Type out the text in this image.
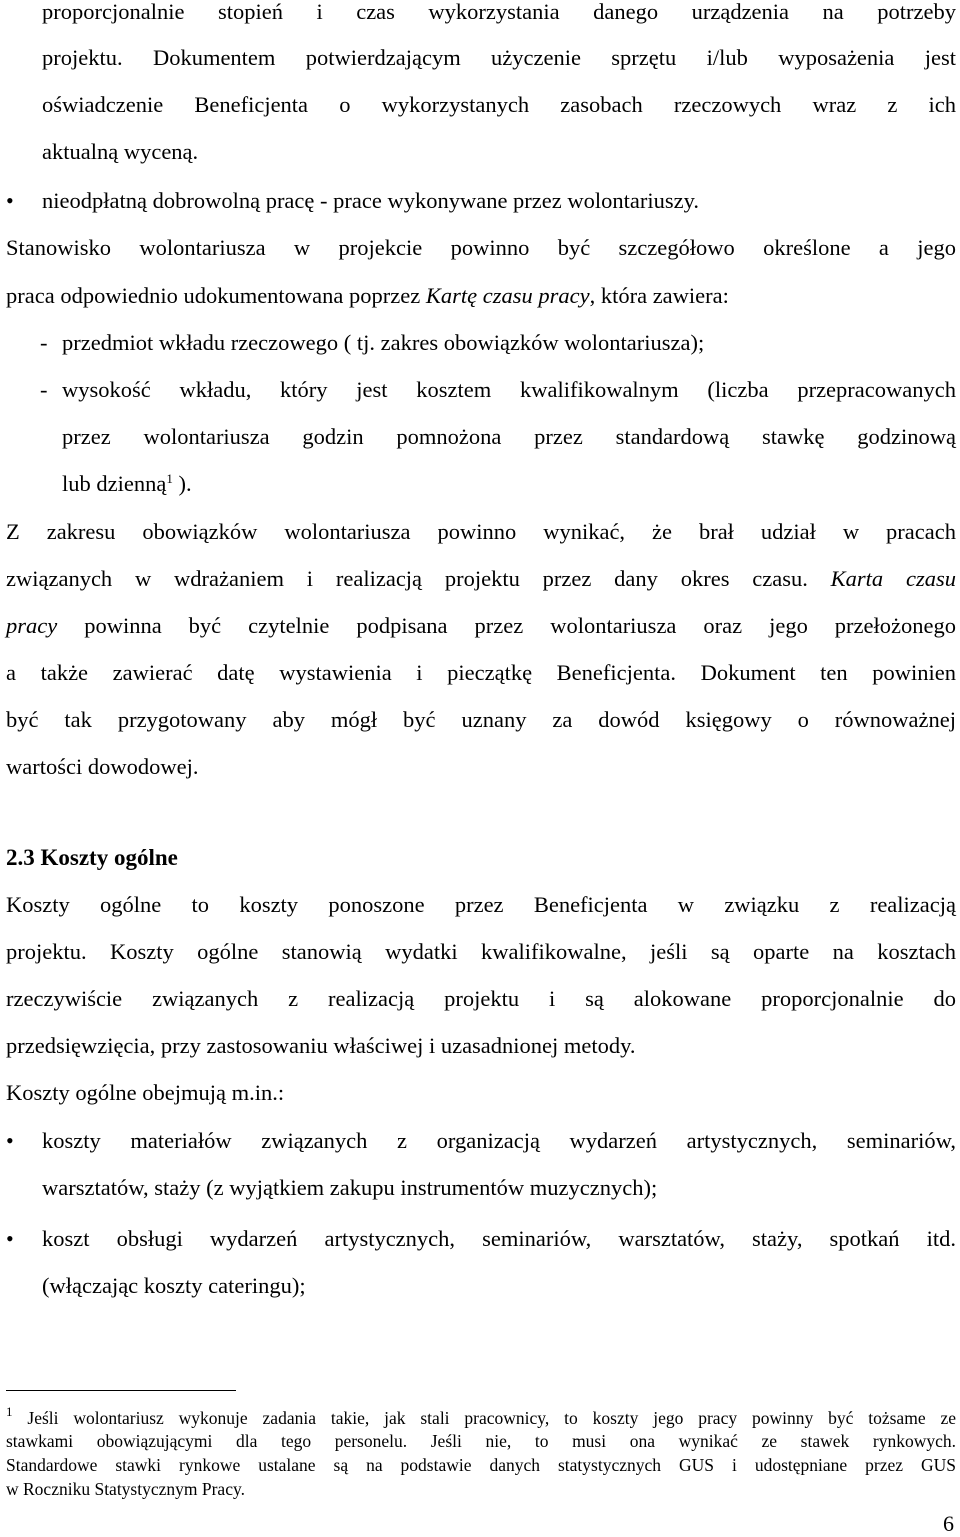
proporcjonalnie stopień i czas wykorzystania danego urządzenia na potrzeby

projektu. Dokumentem potwierdzającym użyczenie sprzętu i/lub wyposażenia jest

oświadczenie Beneficjenta o wykorzystanych zasobach rzeczowych wraz z ich

aktualną wyceną.

• nieodpłatną dobrowolną pracę - prace wykonywane przez wolontariuszy.

Stanowisko wolontariusza w projekcie powinno być szczegółowo określone a jego

praca odpowiednio udokumentowana poprzez Kartę czasu pracy, która zawiera:

- przedmiot wkładu rzeczowego ( tj. zakres obowiązków wolontariusza);

- wysokość wkładu, który jest kosztem kwalifikowalnym (liczba przepracowanych

przez wolontariusza godzin pomnożona przez standardową stawkę godzinową

lub dzienną$^1$ ).

Z zakresu obowiązków wolontariusza powinno wynikać, że brał udział w pracach

związanych w wdrażaniem i realizacją projektu przez dany okres czasu. Karta czasu

pracy powinna być czytelnie podpisana przez wolontariusza oraz jego przełożonego

a także zawierać datę wystawienia i pieczątkę Beneficjenta. Dokument ten powinien

być tak przygotowany aby mógł być uznany za dowód księgowy o równoważnej

wartości dowodowej.

2.3 Koszty ogólne

Koszty ogólne to koszty ponoszone przez Beneficjenta w związku z realizacją

projektu. Koszty ogólne stanowią wydatki kwalifikowalne, jeśli są oparte na kosztach

rzeczywiście związanych z realizacją projektu i są alokowane proporcjonalnie do

przedsięwzięcia, przy zastosowaniu właściwej i uzasadnionej metody.

Koszty ogólne obejmują m.in.:

• koszty materiałów związanych z organizacją wydarzeń artystycznych, seminariów,

warsztatów, staży (z wyjątkiem zakupu instrumentów muzycznych);

• koszt obsługi wydarzeń artystycznych, seminariów, warsztatów, staży, spotkań itd.

(włączając koszty cateringu);

$^1$ Jeśli wolontariusz wykonuje zadania takie, jak stali pracownicy, to koszty jego pracy powinny być tożsame ze

stawkami obowiązującymi dla tego personelu. Jeśli nie, to musi ona wynikać ze stawek rynkowych.

Standardowe stawki rynkowe ustalane są na podstawie danych statystycznych GUS i udostępniane przez GUS

w Roczniku Statystycznym Pracy.

6
